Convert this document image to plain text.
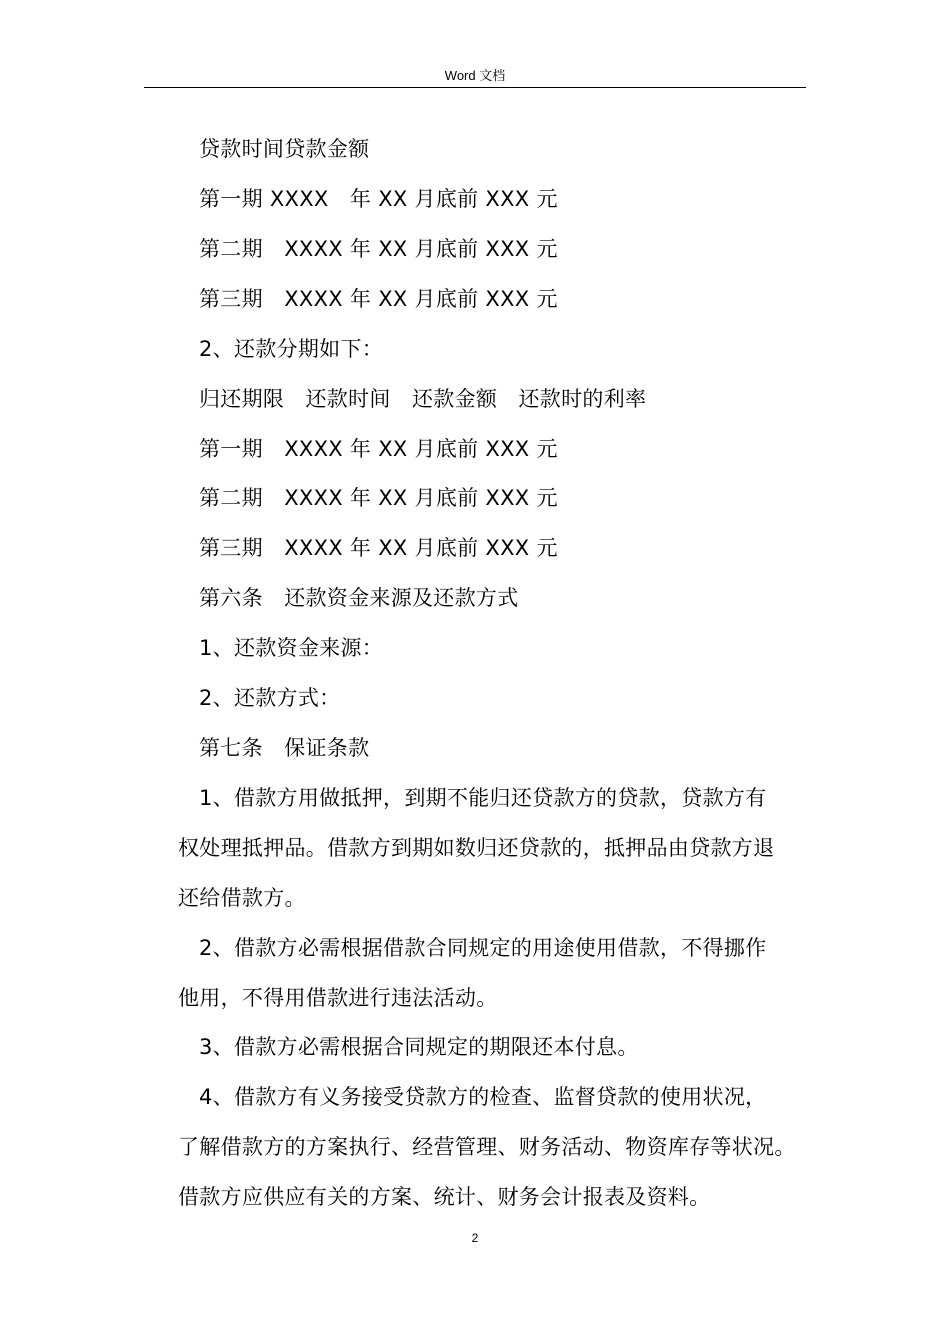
Word 文档
贷款时间贷款金额
第一期 XXXX　年 XX 月底前 XXX 元
第二期　XXXX 年 XX 月底前 XXX 元
第三期　XXXX 年 XX 月底前 XXX 元
2、还款分期如下：
归还期限　还款时间　还款金额　还款时的利率
第一期　XXXX 年 XX 月底前 XXX 元
第二期　XXXX 年 XX 月底前 XXX 元
第三期　XXXX 年 XX 月底前 XXX 元
第六条　还款资金来源及还款方式
1、还款资金来源：
2、还款方式：
第七条　保证条款
1、借款方用做抵押，到期不能归还贷款方的贷款，贷款方有
权处理抵押品。借款方到期如数归还贷款的，抵押品由贷款方退
还给借款方。
2、借款方必需根据借款合同规定的用途使用借款，不得挪作
他用，不得用借款进行违法活动。
3、借款方必需根据合同规定的期限还本付息。
4、借款方有义务接受贷款方的检查、监督贷款的使用状况，
了解借款方的方案执行、经营管理、财务活动、物资库存等状况。
借款方应供应有关的方案、统计、财务会计报表及资料。
2
